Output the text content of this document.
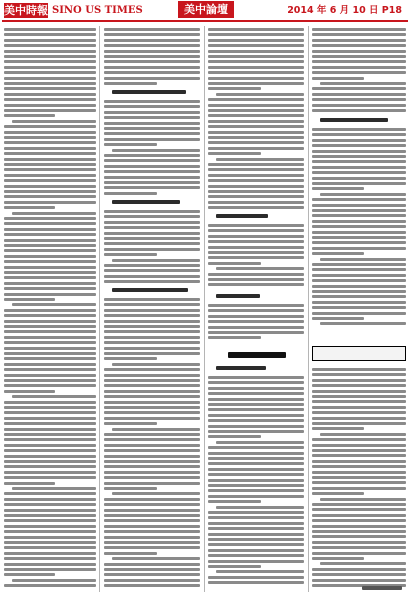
美中時報 SINO US TIMES	美中論壇	2014 年 6 月 10 日 P18
